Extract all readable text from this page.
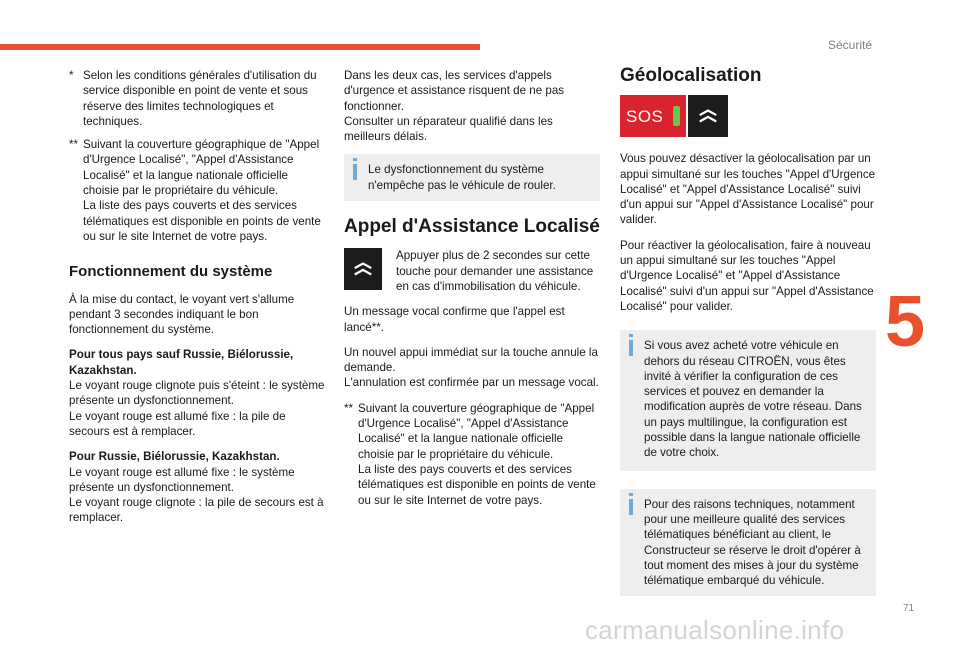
Sécurité
5
71
carmanualsonline.info
* Selon les conditions générales d'utilisation du service disponible en point de vente et sous réserve des limites technologiques et techniques.
** Suivant la couverture géographique de "Appel d'Urgence Localisé", "Appel d'Assistance Localisé" et la langue nationale officielle choisie par le propriétaire du véhicule.
La liste des pays couverts et des services télématiques est disponible en points de vente ou sur le site Internet de votre pays.
Fonctionnement du système

À la mise du contact, le voyant vert s'allume pendant 3 secondes indiquant le bon fonctionnement du système.

Pour tous pays sauf Russie, Biélorussie, Kazakhstan.
Le voyant rouge clignote puis s'éteint : le système présente un dysfonctionnement.
Le voyant rouge est allumé fixe : la pile de secours est à remplacer.

Pour Russie, Biélorussie, Kazakhstan.
Le voyant rouge est allumé fixe : le système présente un dysfonctionnement.
Le voyant rouge clignote : la pile de secours est à remplacer.

Dans les deux cas, les services d'appels d'urgence et assistance risquent de ne pas fonctionner.
Consulter un réparateur qualifié dans les meilleurs délais.

Le dysfonctionnement du système n'empêche pas le véhicule de rouler.
Appel d'Assistance Localisé
Appuyer plus de 2 secondes sur cette touche pour demander une assistance en cas d'immobilisation du véhicule.

Un message vocal confirme que l'appel est lancé**.

Un nouvel appui immédiat sur la touche annule la demande.
L'annulation est confirmée par un message vocal.

** Suivant la couverture géographique de "Appel d'Urgence Localisé", "Appel d'Assistance Localisé" et la langue nationale officielle choisie par le propriétaire du véhicule.
La liste des pays couverts et des services télématiques est disponible en points de vente ou sur le site Internet de votre pays.
Géolocalisation
SOS

Vous pouvez désactiver la géolocalisation par un appui simultané sur les touches "Appel d'Urgence Localisé" et "Appel d'Assistance Localisé" suivi d'un appui sur "Appel d'Assistance Localisé" pour valider.

Pour réactiver la géolocalisation, faire à nouveau un appui simultané sur les touches "Appel d'Urgence Localisé" et "Appel d'Assistance Localisé" suivi d'un appui sur "Appel d'Assistance Localisé" pour valider.

Si vous avez acheté votre véhicule en dehors du réseau CITROËN, vous êtes invité à vérifier la configuration de ces services et pouvez en demander la modification auprès de votre réseau. Dans un pays multilingue, la configuration est possible dans la langue nationale officielle de votre choix.
Pour des raisons techniques, notamment pour une meilleure qualité des services télématiques bénéficiant au client, le Constructeur se réserve le droit d'opérer à tout moment des mises à jour du système télématique embarqué du véhicule.
